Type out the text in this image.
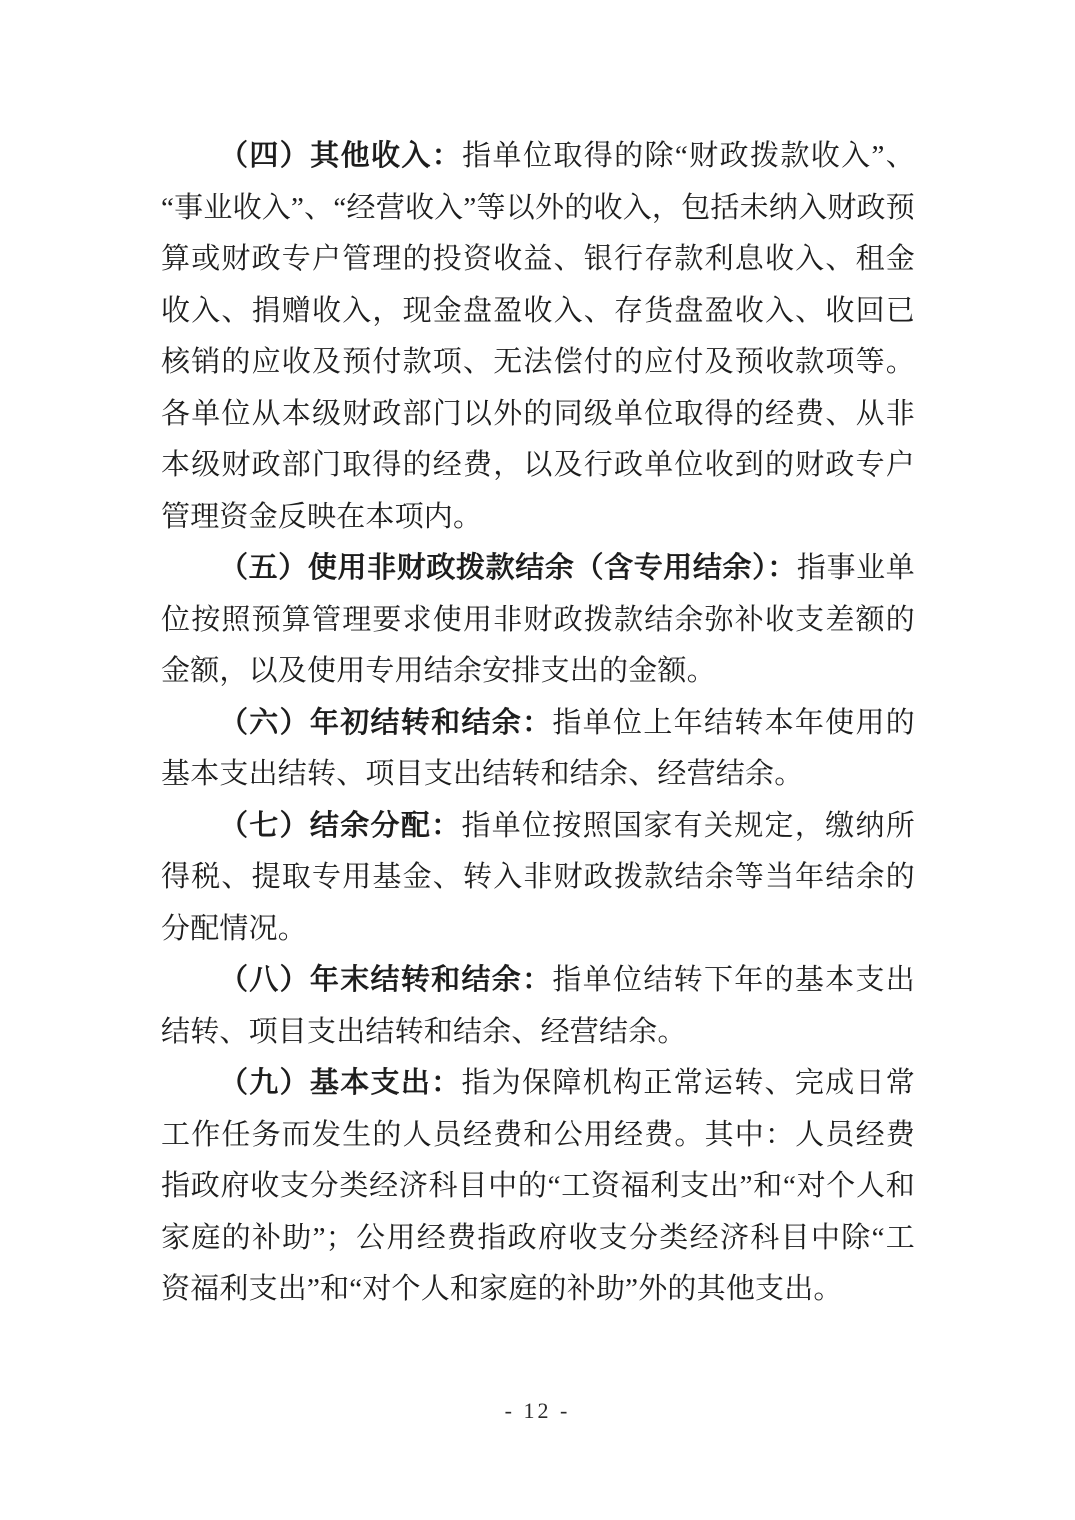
（四）其他收入：指单位取得的除“财政拨款收入”、“事业收入”、“经营收入”等以外的收入，包括未纳入财政预算或财政专户管理的投资收益、银行存款利息收入、租金收入、捐赠收入，现金盘盈收入、存货盘盈收入、收回已核销的应收及预付款项、无法偿付的应付及预收款项等。各单位从本级财政部门以外的同级单位取得的经费、从非本级财政部门取得的经费，以及行政单位收到的财政专户管理资金反映在本项内。

（五）使用非财政拨款结余（含专用结余）：指事业单位按照预算管理要求使用非财政拨款结余弥补收支差额的金额，以及使用专用结余安排支出的金额。

（六）年初结转和结余：指单位上年结转本年使用的基本支出结转、项目支出结转和结余、经营结余。

（七）结余分配：指单位按照国家有关规定，缴纳所得税、提取专用基金、转入非财政拨款结余等当年结余的分配情况。

（八）年末结转和结余：指单位结转下年的基本支出结转、项目支出结转和结余、经营结余。

（九）基本支出：指为保障机构正常运转、完成日常工作任务而发生的人员经费和公用经费。其中：人员经费指政府收支分类经济科目中的“工资福利支出”和“对个人和家庭的补助”；公用经费指政府收支分类经济科目中除“工资福利支出”和“对个人和家庭的补助”外的其他支出。

- 12 -
